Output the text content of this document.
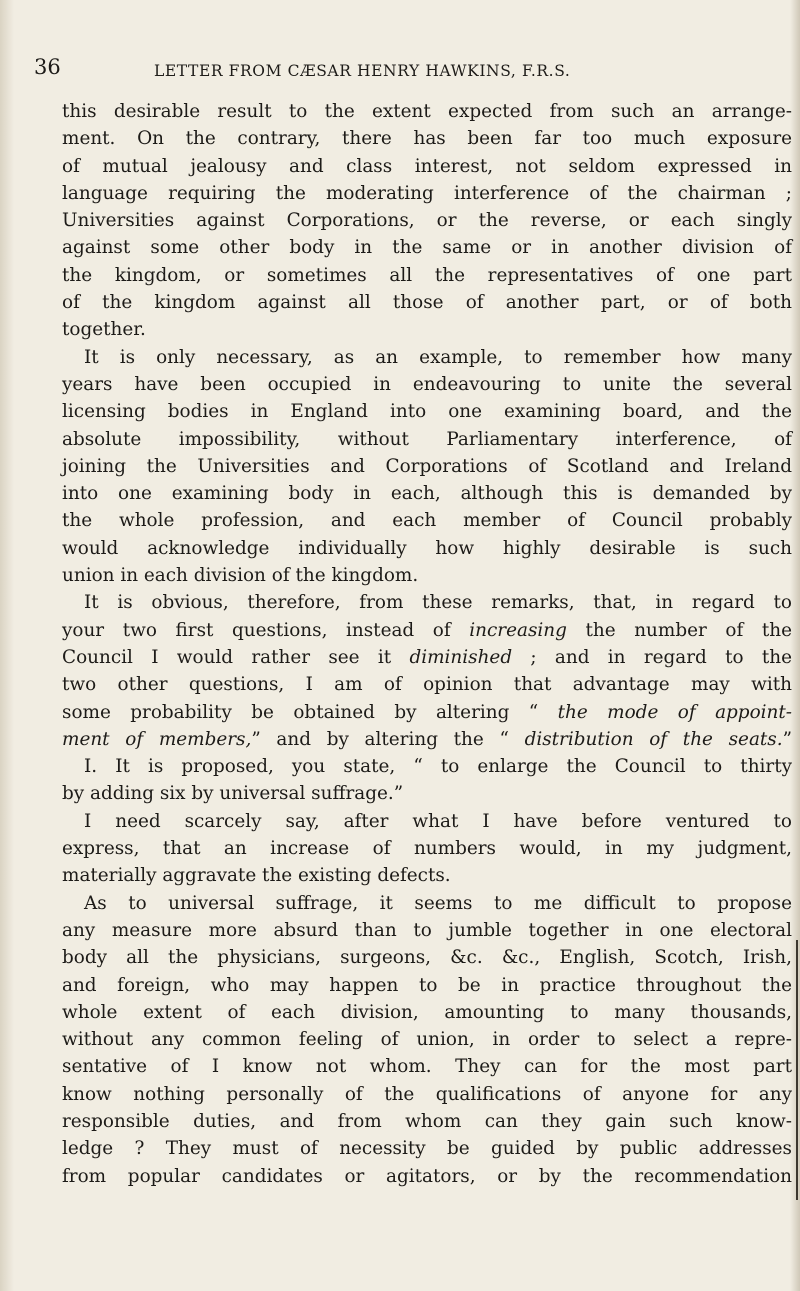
36	LETTER FROM CÆSAR HENRY HAWKINS, F.R.S.
this desirable result to the extent expected from such an arrange-
ment. On the contrary, there has been far too much exposure
of mutual jealousy and class interest, not seldom expressed in
language requiring the moderating interference of the chairman ;
Universities against Corporations, or the reverse, or each singly
against some other body in the same or in another division of
the kingdom, or sometimes all the representatives of one part
of the kingdom against all those of another part, or of both
together.
It is only necessary, as an example, to remember how many
years have been occupied in endeavouring to unite the several
licensing bodies in England into one examining board, and the
absolute impossibility, without Parliamentary interference, of
joining the Universities and Corporations of Scotland and Ireland
into one examining body in each, although this is demanded by
the whole profession, and each member of Council probably
would acknowledge individually how highly desirable is such
union in each division of the kingdom.
It is obvious, therefore, from these remarks, that, in regard to
your two first questions, instead of increasing the number of the
Council I would rather see it diminished ; and in regard to the
two other questions, I am of opinion that advantage may with
some probability be obtained by altering “ the mode of appoint-
ment of members,” and by altering the “ distribution of the seats.”
I. It is proposed, you state, “ to enlarge the Council to thirty
by adding six by universal suffrage.”
I need scarcely say, after what I have before ventured to
express, that an increase of numbers would, in my judgment,
materially aggravate the existing defects.
As to universal suffrage, it seems to me difficult to propose
any measure more absurd than to jumble together in one electoral
body all the physicians, surgeons, &c. &c., English, Scotch, Irish,
and foreign, who may happen to be in practice throughout the
whole extent of each division, amounting to many thousands,
without any common feeling of union, in order to select a repre-
sentative of I know not whom. They can for the most part
know nothing personally of the qualifications of anyone for any
responsible duties, and from whom can they gain such know-
ledge ? They must of necessity be guided by public addresses
from popular candidates or agitators, or by the recommendation
